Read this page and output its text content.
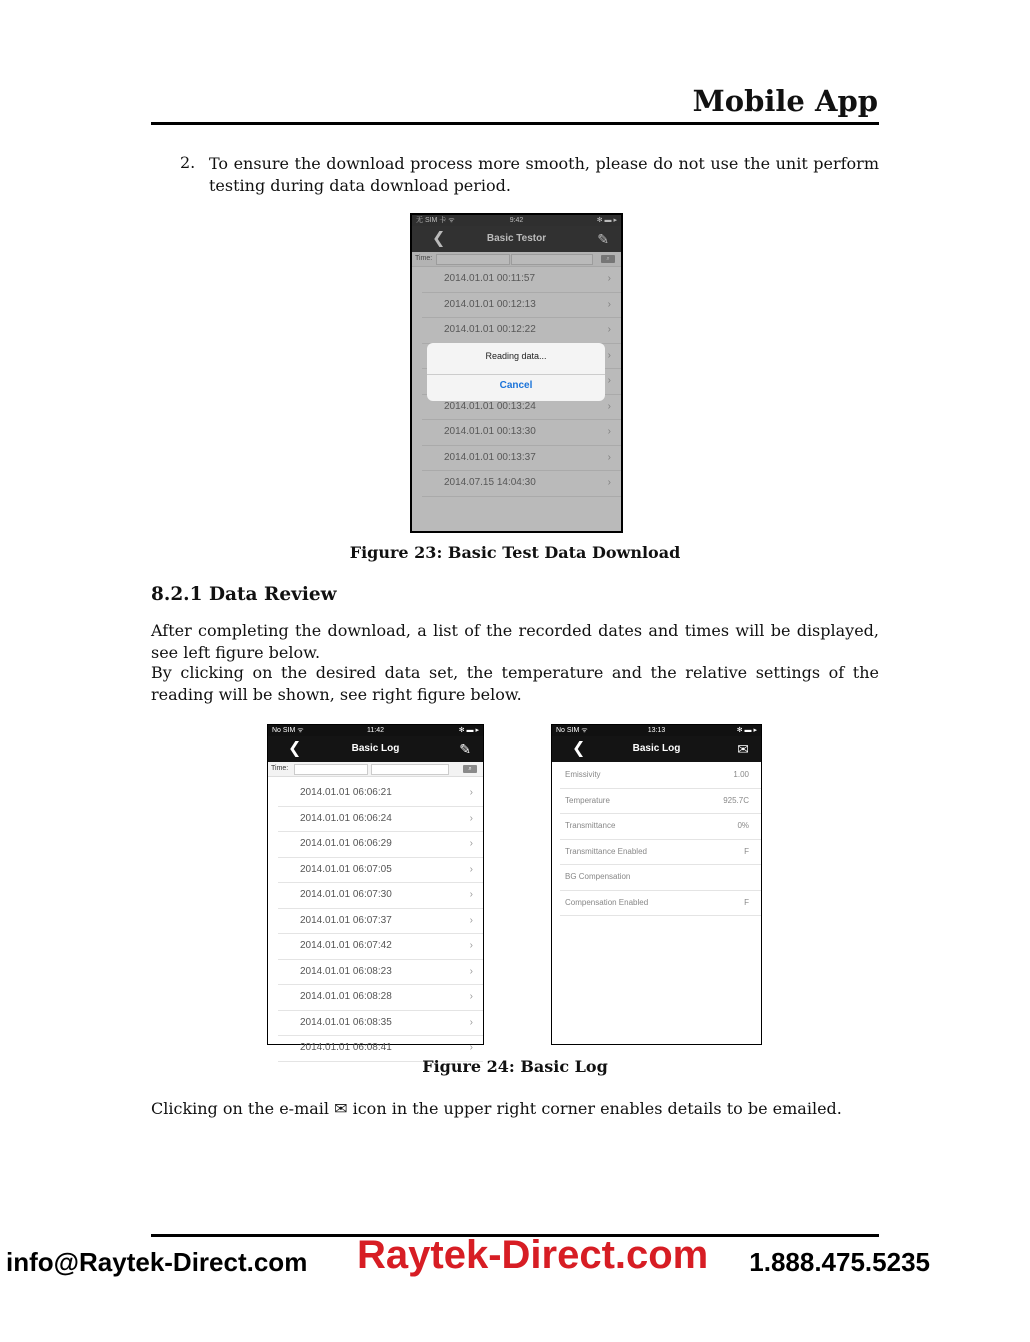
Mobile App
2. To ensure the download process more smooth, please do not use the unit perform testing during data download period.
无 SIM 卡 ᯤ	9:42	✻ ▬ ▸
❮	Basic Testor	✎
Time:	⌕
2014.01.01 00:11:57	›
2014.01.01 00:12:13	›
2014.01.01 00:12:22	›
›
›
2014.01.01 00:13:24	›
2014.01.01 00:13:30	›
2014.01.01 00:13:37	›
2014.07.15 14:04:30	›
Reading data...
Cancel
Figure 23: Basic Test Data Download
8.2.1 Data Review
After completing the download, a list of the recorded dates and times will be displayed, see left figure below.
By clicking on the desired data set, the temperature and the relative settings of the reading will be shown, see right figure below.
No SIM ᯤ	11:42	✻ ▬ ▸
❮	Basic Log	✎
Time:	⌕
2014.01.01 06:06:21	›
2014.01.01 06:06:24	›
2014.01.01 06:06:29	›
2014.01.01 06:07:05	›
2014.01.01 06:07:30	›
2014.01.01 06:07:37	›
2014.01.01 06:07:42	›
2014.01.01 06:08:23	›
2014.01.01 06:08:28	›
2014.01.01 06:08:35	›
2014.01.01 06:08:41	›
No SIM ᯤ	13:13	✻ ▬ ▸
❮	Basic Log	✉
Emissivity	1.00
Temperature	925.7C
Transmittance	0%
Transmittance Enabled	F
BG Compensation
Compensation Enabled	F
Figure 24: Basic Log
Clicking on the e-mail ✉ icon in the upper right corner enables details to be emailed.
info@Raytek-Direct.com Raytek-Direct.com 1.888.475.5235
